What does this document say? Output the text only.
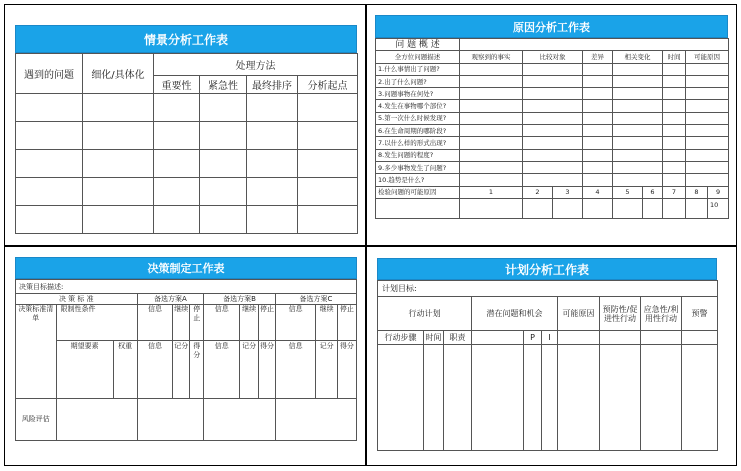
情景分析工作表
遇到的问题	细化/具体化	处理方法			
		重要性	紧急性	最终排序	分析起点

原因分析工作表
问 题 概 述									
全方位问题描述	观察到的事实	比较对象		差异	相关变化		时间	可能原因	
1.什么事情出了问题?									
2.出了什么问题?									
3.问题事物在何处?									
4.发生在事物哪个部位?									
5.第一次什么时候发现?									
6.在生命周期的哪阶段?									
7.以什么样的形式出现?									
8.发生问题的程度?									
9.多少事物发生了问题?									
10.趋势是什么?									
检验问题的可能原因	1	2	3	4	5	6	7	8	9

10
决策制定工作表
决策目标描述:											
决 策 标 准			备选方案A			备选方案B			备选方案C		
决策标准清单	限制性条件		信息	继续	停止	信息	继续	停止	信息	继续	停止
	期望要素	权重	信息	记分	得分	信息	记分	得分	信息	记分	得分
风险评估											
计划分析工作表
计划目标:									
行动计划			潜在问题和机会			可能原因	预防性/促进性行动	应急性/利用性行动	预警
行动步骤	时间	职责		P	I				
